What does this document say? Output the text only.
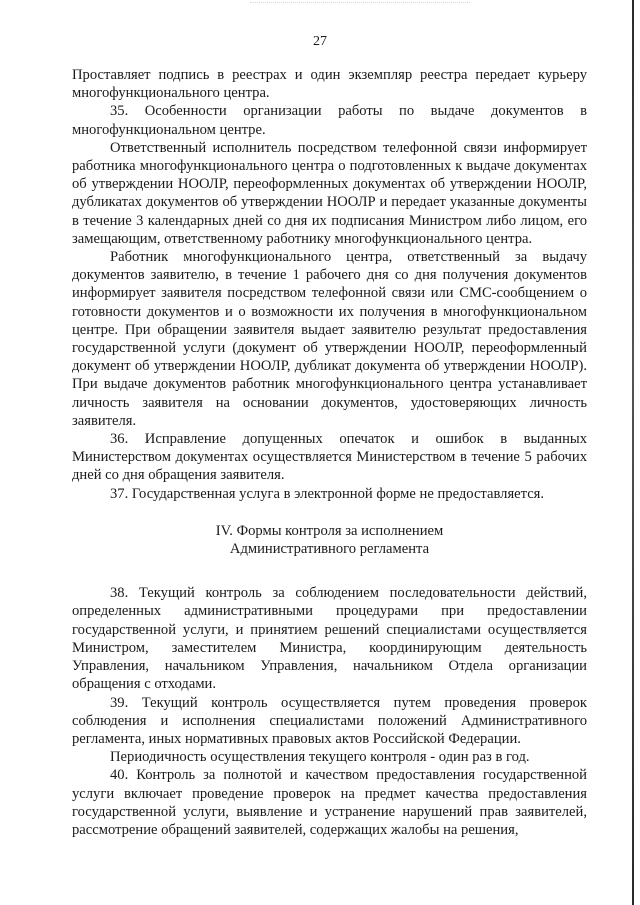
27

Проставляет подпись в реестрах и один экземпляр реестра передает курьеру многофункционального центра.

35. Особенности организации работы по выдаче документов в многофункциональном центре.

Ответственный исполнитель посредством телефонной связи информирует работника многофункционального центра о подготовленных к выдаче документах об утверждении НООЛР, переоформленных документах об утверждении НООЛР, дубликатах документов об утверждении НООЛР и передает указанные документы в течение 3 календарных дней со дня их подписания Министром либо лицом, его замещающим, ответственному работнику многофункционального центра.

Работник многофункционального центра, ответственный за выдачу документов заявителю, в течение 1 рабочего дня со дня получения документов информирует заявителя посредством телефонной связи или СМС-сообщением о готовности документов и о возможности их получения в многофункциональном центре. При обращении заявителя выдает заявителю результат предоставления государственной услуги (документ об утверждении НООЛР, переоформленный документ об утверждении НООЛР, дубликат документа об утверждении НООЛР). При выдаче документов работник многофункционального центра устанавливает личность заявителя на основании документов, удостоверяющих личность заявителя.

36. Исправление допущенных опечаток и ошибок в выданных Министерством документах осуществляется Министерством в течение 5 рабочих дней со дня обращения заявителя.

37. Государственная услуга в электронной форме не предоставляется.

IV. Формы контроля за исполнением
Административного регламента

38. Текущий контроль за соблюдением последовательности действий, определенных административными процедурами при предоставлении государственной услуги, и принятием решений специалистами осуществляется Министром, заместителем Министра, координирующим деятельность Управления, начальником Управления, начальником Отдела организации обращения с отходами.

39. Текущий контроль осуществляется путем проведения проверок соблюдения и исполнения специалистами положений Административного регламента, иных нормативных правовых актов Российской Федерации.

Периодичность осуществления текущего контроля - один раз в год.

40. Контроль за полнотой и качеством предоставления государственной услуги включает проведение проверок на предмет качества предоставления государственной услуги, выявление и устранение нарушений прав заявителей, рассмотрение обращений заявителей, содержащих жалобы на решения,
